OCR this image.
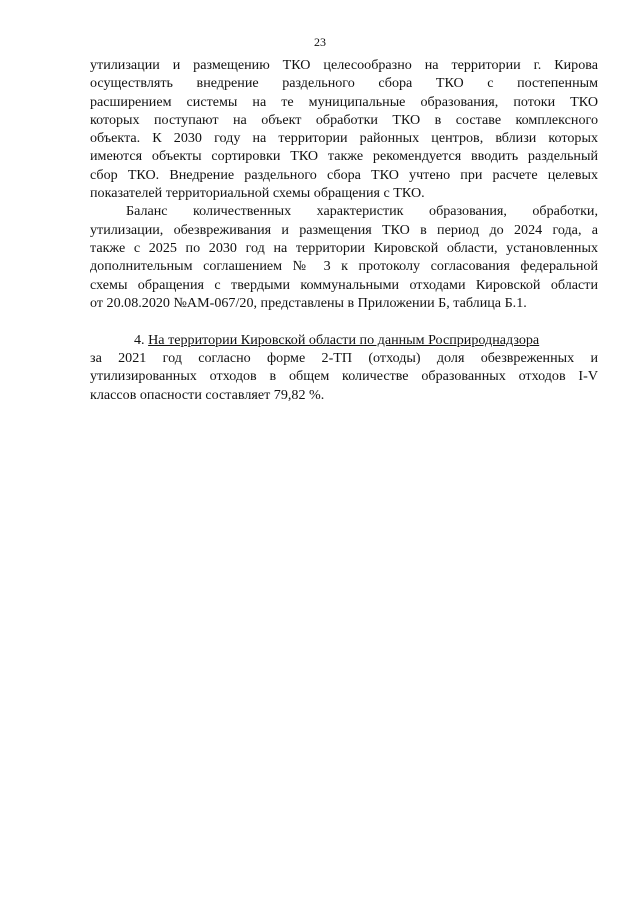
23
утилизации и размещению ТКО целесообразно на территории г. Кирова
осуществлять внедрение раздельного сбора ТКО с постепенным
расширением системы на те муниципальные образования, потоки ТКО
которых поступают на объект обработки ТКО в составе комплексного
объекта. К 2030 году на территории районных центров, вблизи которых
имеются объекты сортировки ТКО также рекомендуется вводить раздельный
сбор ТКО. Внедрение раздельного сбора ТКО учтено при расчете целевых
показателей территориальной схемы обращения с ТКО.
Баланс количественных характеристик образования, обработки,
утилизации, обезвреживания и размещения ТКО в период до 2024 года, а
также с 2025 по 2030 год на территории Кировской области, установленных
дополнительным соглашением № 3 к протоколу согласования федеральной
схемы обращения с твердыми коммунальными отходами Кировской области
от 20.08.2020 №АМ-067/20, представлены в Приложении Б, таблица Б.1.
4. На территории Кировской области по данным Росприроднадзора
за 2021 год согласно форме 2-ТП (отходы) доля обезвреженных и
утилизированных отходов в общем количестве образованных отходов I-V
классов опасности составляет 79,82 %.
